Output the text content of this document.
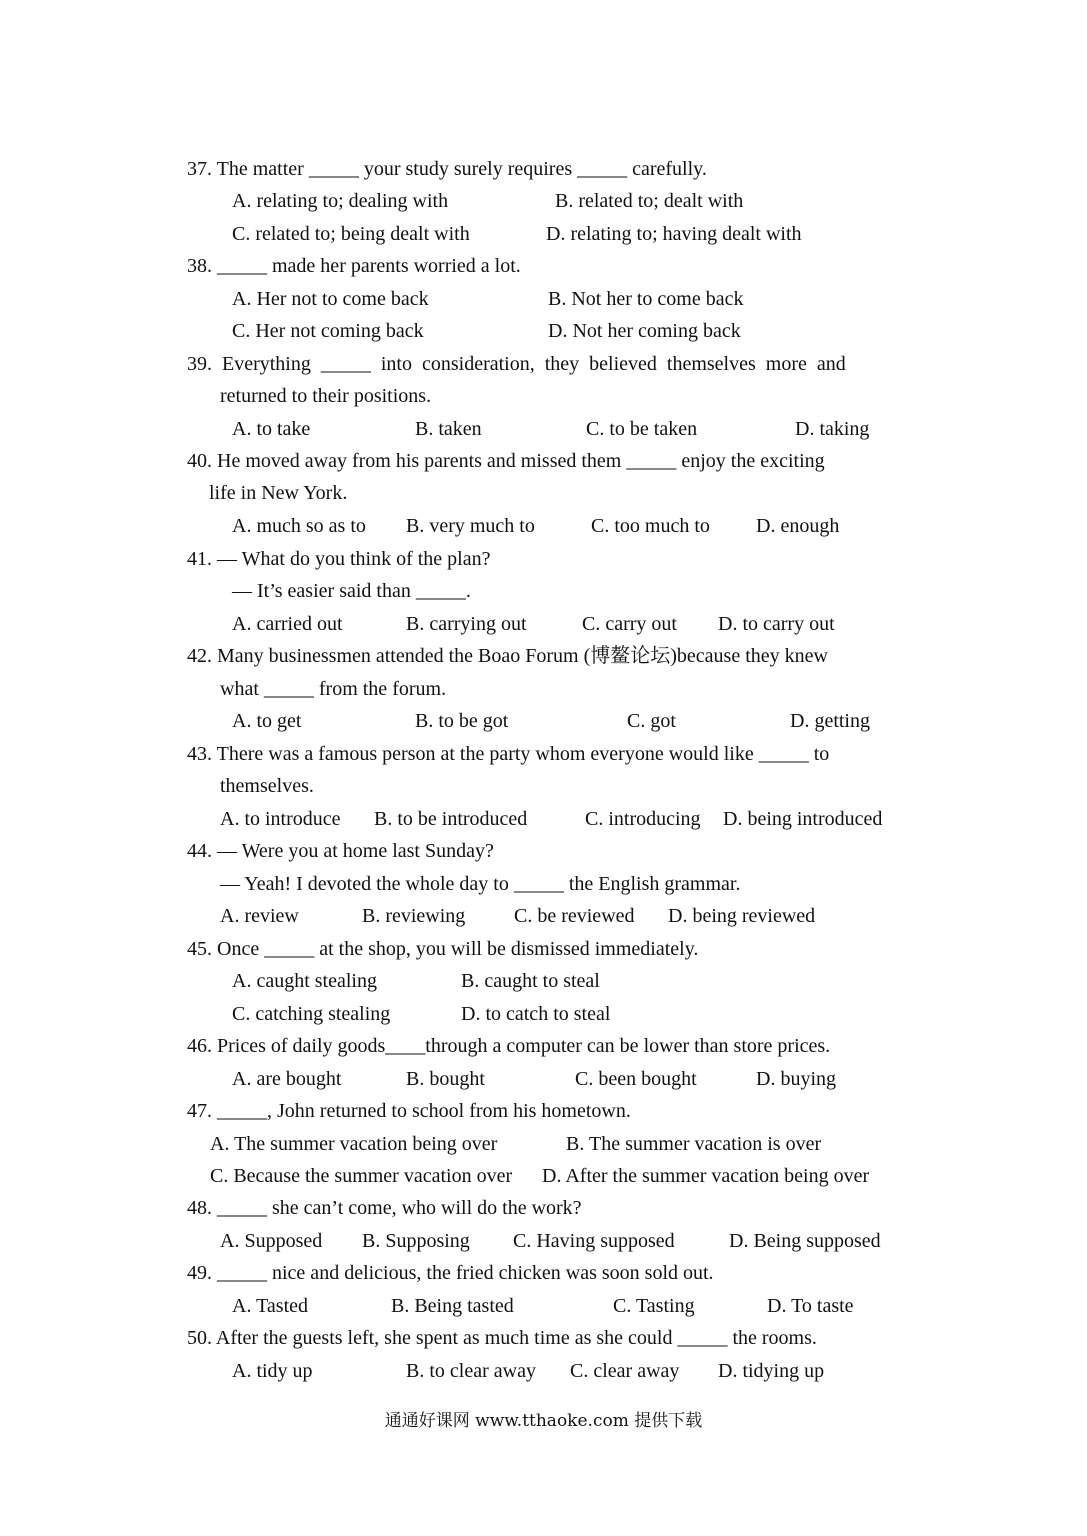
37. The matter _____ your study surely requires _____ carefully.
A. relating to; dealing with	B. related to; dealt with
C. related to; being dealt with	D. relating to; having dealt with
38. _____ made her parents worried a lot.
A. Her not to come back	B. Not her to come back
C. Her not coming back	D. Not her coming back
39. Everything _____ into consideration, they believed themselves more and
returned to their positions.
A. to take	B. taken	C. to be taken	D. taking
40. He moved away from his parents and missed them _____ enjoy the exciting
life in New York.
A. much so as to B. very much to	C. too much to D. enough
41. — What do you think of the plan?
— It’s easier said than _____.
A. carried out	B. carrying out	C. carry out D. to carry out
42. Many businessmen attended the Boao Forum (博鳌论坛)because they knew
what _____ from the forum.
A. to get	B. to be got	C. got	D. getting
43. There was a famous person at the party whom everyone would like _____ to
themselves.
A. to introduce B. to be introduced	C. introducing D. being introduced
44. — Were you at home last Sunday?
— Yeah! I devoted the whole day to _____ the English grammar.
A. review	B. reviewing C. be reviewed D. being reviewed
45. Once _____ at the shop, you will be dismissed immediately.
A. caught stealing	B. caught to steal
C. catching stealing	D. to catch to steal
46. Prices of daily goods____through a computer can be lower than store prices.
A. are bought	B. bought	C. been bought	D. buying
47. _____, John returned to school from his hometown.
A. The summer vacation being over	B. The summer vacation is over
C. Because the summer vacation over D. After the summer vacation being over
48. _____ she can’t come, who will do the work?
A. Supposed B. Supposing C. Having supposed	D. Being supposed
49. _____ nice and delicious, the fried chicken was soon sold out.
A. Tasted	B. Being tasted	C. Tasting	D. To taste
50. After the guests left, she spent as much time as she could _____ the rooms.
A. tidy up	B. to clear away C. clear away D. tidying up
通通好课网 www.tthaoke.com 提供下载
